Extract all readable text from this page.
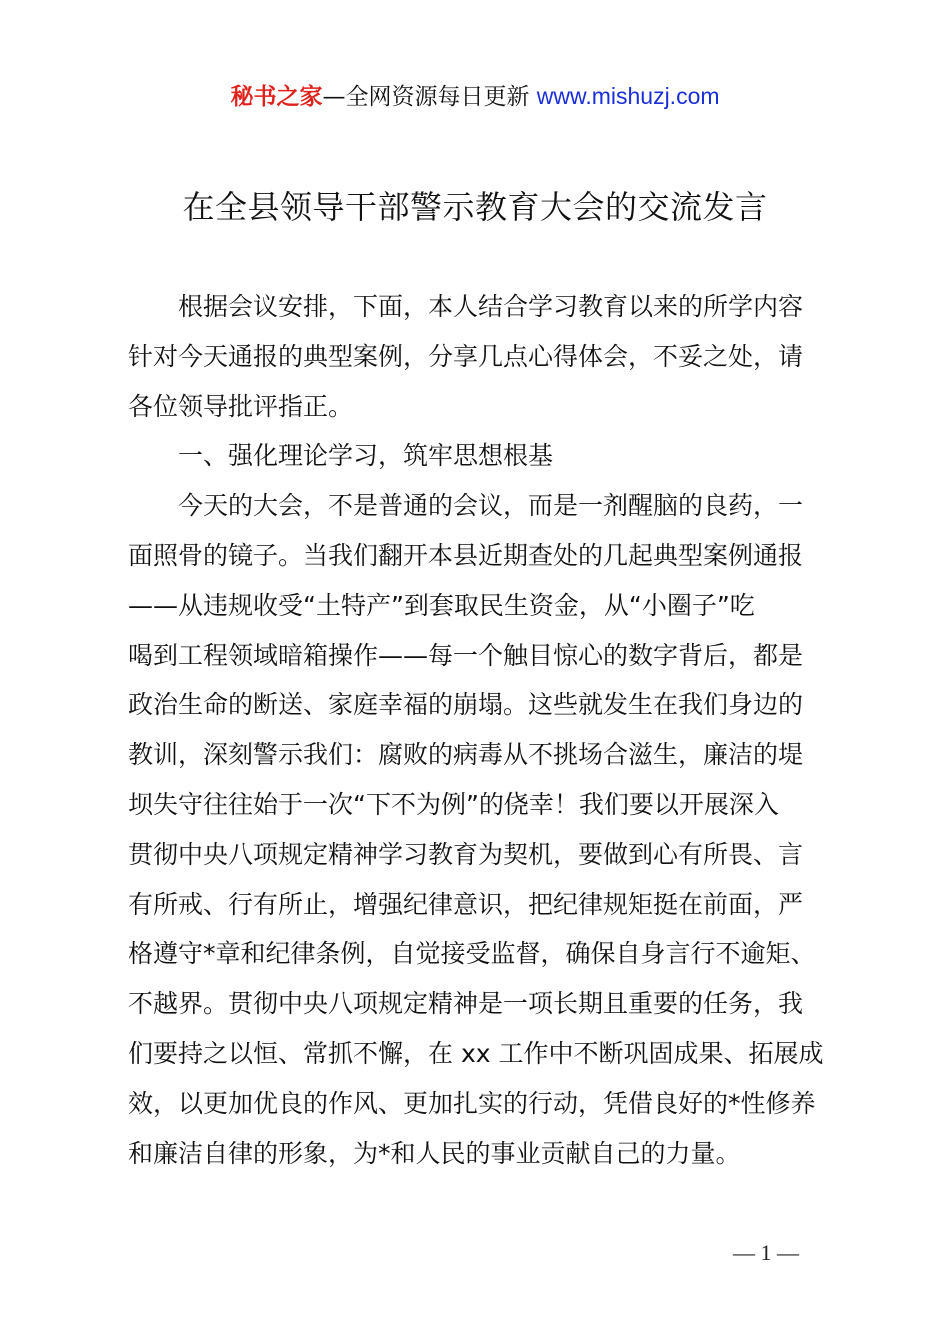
秘书之家—全网资源每日更新 www.mishuzj.com
在全县领导干部警示教育大会的交流发言
根据会议安排，下面，本人结合学习教育以来的所学内容
针对今天通报的典型案例，分享几点心得体会，不妥之处，请
各位领导批评指正。
一、强化理论学习，筑牢思想根基
今天的大会，不是普通的会议，而是一剂醒脑的良药，一
面照骨的镜子。当我们翻开本县近期查处的几起典型案例通报
——从违规收受“土特产”到套取民生资金，从“小圈子”吃
喝到工程领域暗箱操作——每一个触目惊心的数字背后，都是
政治生命的断送、家庭幸福的崩塌。这些就发生在我们身边的
教训，深刻警示我们：腐败的病毒从不挑场合滋生，廉洁的堤
坝失守往往始于一次“下不为例”的侥幸！我们要以开展深入
贯彻中央八项规定精神学习教育为契机，要做到心有所畏、言
有所戒、行有所止，增强纪律意识，把纪律规矩挺在前面，严
格遵守*章和纪律条例，自觉接受监督，确保自身言行不逾矩、
不越界。贯彻中央八项规定精神是一项长期且重要的任务，我
们要持之以恒、常抓不懈，在 xx 工作中不断巩固成果、拓展成
效，以更加优良的作风、更加扎实的行动，凭借良好的*性修养
和廉洁自律的形象，为*和人民的事业贡献自己的力量。
— 1 —
